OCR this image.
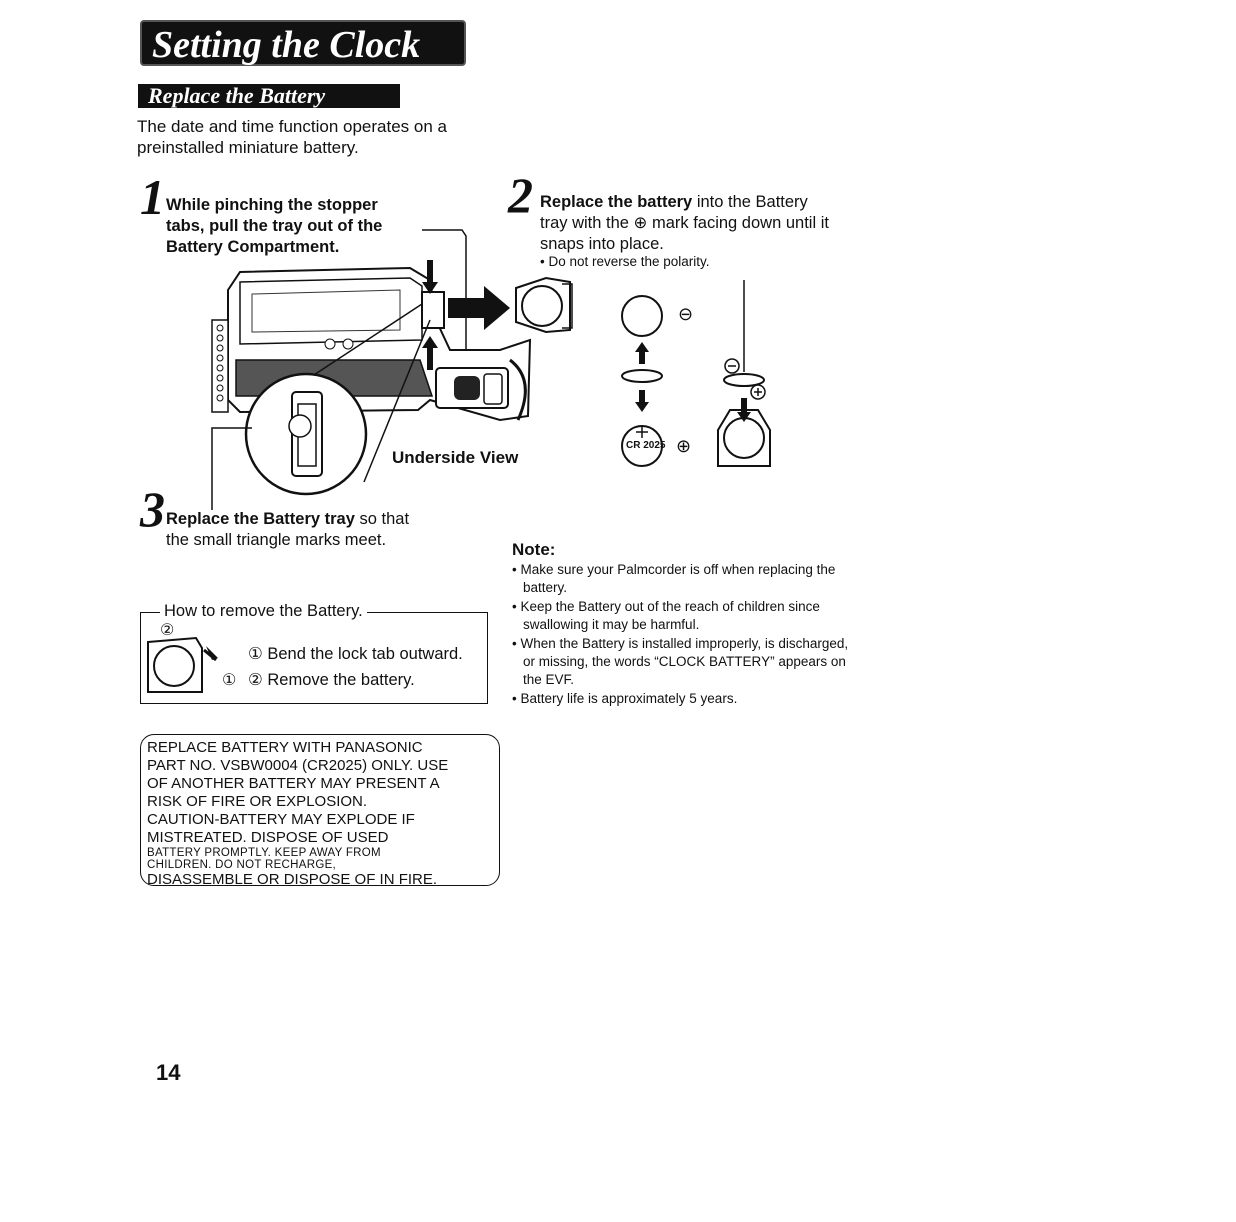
Setting the Clock
Replace the Battery
The date and time function operates on a
preinstalled miniature battery.
1 While pinching the stopper
tabs, pull the tray out of the
Battery Compartment.
2 Replace the battery into the Battery
tray with the ⊕ mark facing down until it
snaps into place.
• Do not reverse the polarity.
3 Replace the Battery tray so that
the small triangle marks meet.
Underside View
⊖
⊕
CR 2025
How to remove the Battery.
②
①
① Bend the lock tab outward.
② Remove the battery.
Note:
• Make sure your Palmcorder is off when replacing the battery.
• Keep the Battery out of the reach of children since swallowing it may be harmful.
• When the Battery is installed improperly, is discharged, or missing, the words “CLOCK BATTERY” appears on the EVF.
• Battery life is approximately 5 years.
REPLACE BATTERY WITH PANASONIC
PART NO. VSBW0004 (CR2025) ONLY. USE
OF ANOTHER BATTERY MAY PRESENT A
RISK OF FIRE OR EXPLOSION.
CAUTION-BATTERY MAY EXPLODE IF
MISTREATED. DISPOSE OF USED
BATTERY PROMPTLY. KEEP AWAY FROM
CHILDREN. DO NOT RECHARGE,
DISASSEMBLE OR DISPOSE OF IN FIRE.
14
